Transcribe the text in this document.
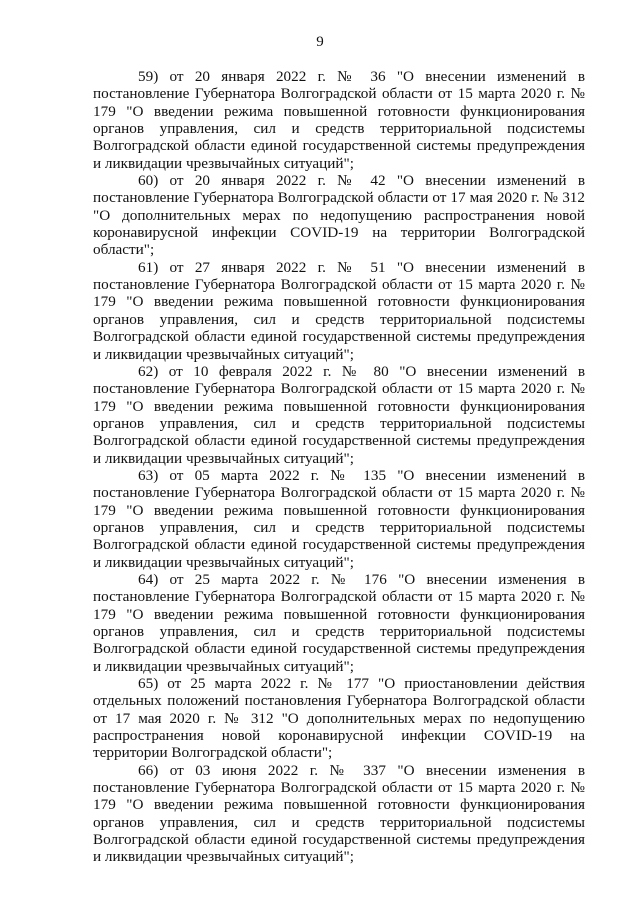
9

59) от 20 января 2022 г. № 36 "О внесении изменений в постановление Губернатора Волгоградской области от 15 марта 2020 г. № 179 "О введении режима повышенной готовности функционирования органов управления, сил и средств территориальной подсистемы Волгоградской области единой государственной системы предупреждения и ликвидации чрезвычайных ситуаций";

60) от 20 января 2022 г. № 42 "О внесении изменений в постановление Губернатора Волгоградской области от 17 мая 2020 г. № 312 "О дополнительных мерах по недопущению распространения новой коронавирусной инфекции COVID-19 на территории Волгоградской области";

61) от 27 января 2022 г. № 51 "О внесении изменений в постановление Губернатора Волгоградской области от 15 марта 2020 г. № 179 "О введении режима повышенной готовности функционирования органов управления, сил и средств территориальной подсистемы Волгоградской области единой государственной системы предупреждения и ликвидации чрезвычайных ситуаций";

62) от 10 февраля 2022 г. № 80 "О внесении изменений в постановление Губернатора Волгоградской области от 15 марта 2020 г. № 179 "О введении режима повышенной готовности функционирования органов управления, сил и средств территориальной подсистемы Волгоградской области единой государственной системы предупреждения и ликвидации чрезвычайных ситуаций";

63) от 05 марта 2022 г. № 135 "О внесении изменений в постановление Губернатора Волгоградской области от 15 марта 2020 г. № 179 "О введении режима повышенной готовности функционирования органов управления, сил и средств территориальной подсистемы Волгоградской области единой государственной системы предупреждения и ликвидации чрезвычайных ситуаций";

64) от 25 марта 2022 г. № 176 "О внесении изменения в постановление Губернатора Волгоградской области от 15 марта 2020 г. № 179 "О введении режима повышенной готовности функционирования органов управления, сил и средств территориальной подсистемы Волгоградской области единой государственной системы предупреждения и ликвидации чрезвычайных ситуаций";

65) от 25 марта 2022 г. № 177 "О приостановлении действия отдельных положений постановления Губернатора Волгоградской области от 17 мая 2020 г. № 312 "О дополнительных мерах по недопущению распространения новой коронавирусной инфекции COVID-19 на территории Волгоградской области";

66) от 03 июня 2022 г. № 337 "О внесении изменения в постановление Губернатора Волгоградской области от 15 марта 2020 г. № 179 "О введении режима повышенной готовности функционирования органов управления, сил и средств территориальной подсистемы Волгоградской области единой государственной системы предупреждения и ликвидации чрезвычайных ситуаций";
